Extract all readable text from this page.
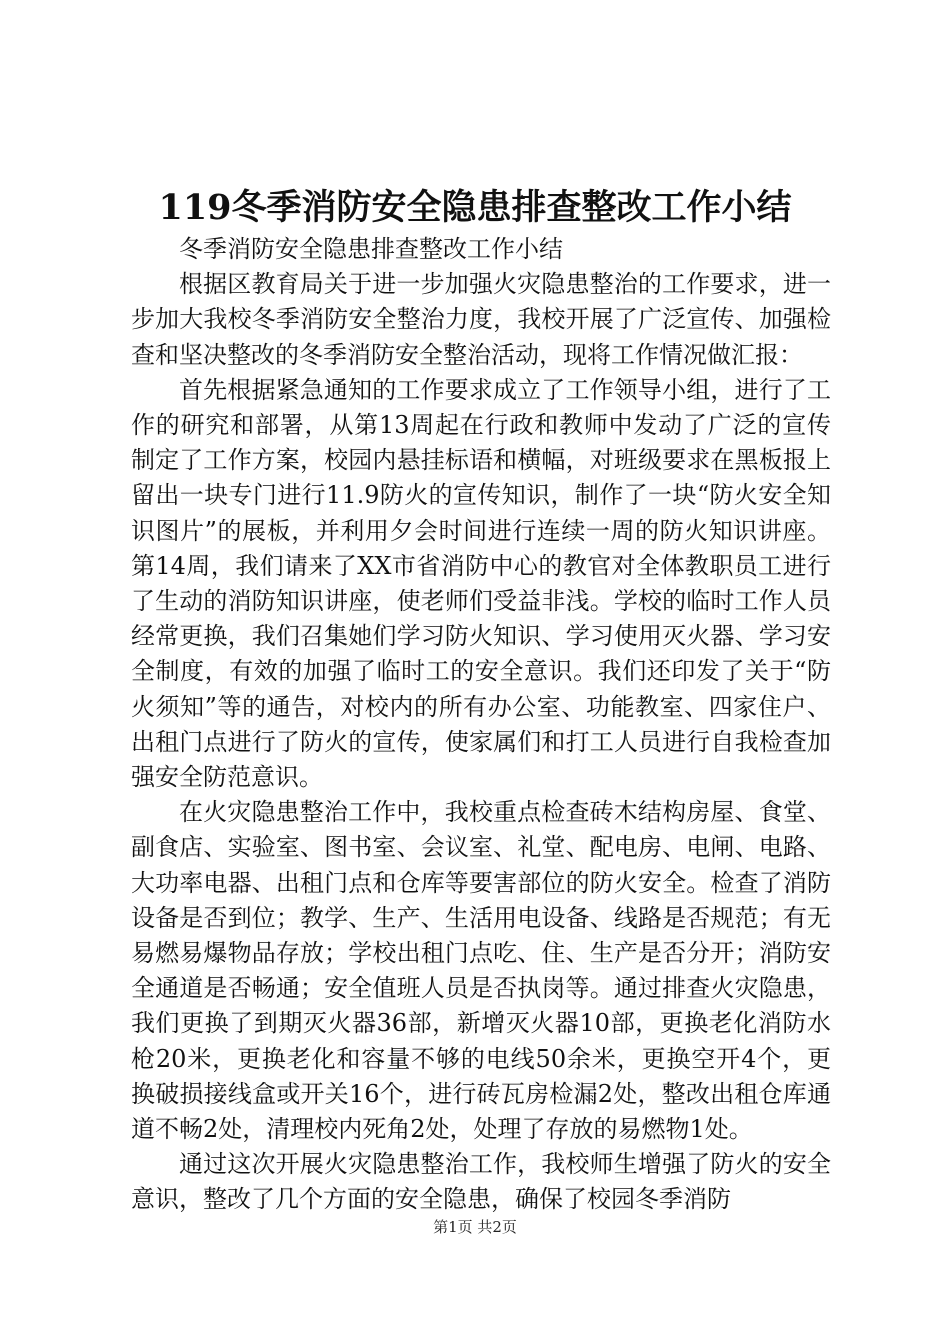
119冬季消防安全隐患排查整改工作小结

冬季消防安全隐患排查整改工作小结

根据区教育局关于进一步加强火灾隐患整治的工作要求，进一步加大我校冬季消防安全整治力度，我校开展了广泛宣传、加强检查和坚决整改的冬季消防安全整治活动，现将工作情况做汇报：

首先根据紧急通知的工作要求成立了工作领导小组，进行了工作的研究和部署，从第13周起在行政和教师中发动了广泛的宣传制定了工作方案，校园内悬挂标语和横幅，对班级要求在黑板报上留出一块专门进行11.9防火的宣传知识，制作了一块“防火安全知识图片”的展板，并利用夕会时间进行连续一周的防火知识讲座。第14周，我们请来了XX市省消防中心的教官对全体教职员工进行了生动的消防知识讲座，使老师们受益非浅。学校的临时工作人员经常更换，我们召集她们学习防火知识、学习使用灭火器、学习安全制度，有效的加强了临时工的安全意识。我们还印发了关于“防火须知”等的通告，对校内的所有办公室、功能教室、四家住户、出租门点进行了防火的宣传，使家属们和打工人员进行自我检查加强安全防范意识。

在火灾隐患整治工作中，我校重点检查砖木结构房屋、食堂、副食店、实验室、图书室、会议室、礼堂、配电房、电闸、电路、大功率电器、出租门点和仓库等要害部位的防火安全。检查了消防设备是否到位；教学、生产、生活用电设备、线路是否规范；有无易燃易爆物品存放；学校出租门点吃、住、生产是否分开；消防安全通道是否畅通；安全值班人员是否执岗等。通过排查火灾隐患，我们更换了到期灭火器36部，新增灭火器10部，更换老化消防水枪20米，更换老化和容量不够的电线50余米，更换空开4个，更换破损接线盒或开关16个，进行砖瓦房检漏2处，整改出租仓库通道不畅2处，清理校内死角2处，处理了存放的易燃物1处。

通过这次开展火灾隐患整治工作，我校师生增强了防火的安全意识，整改了几个方面的安全隐患，确保了校园冬季消防

第1页 共2页
